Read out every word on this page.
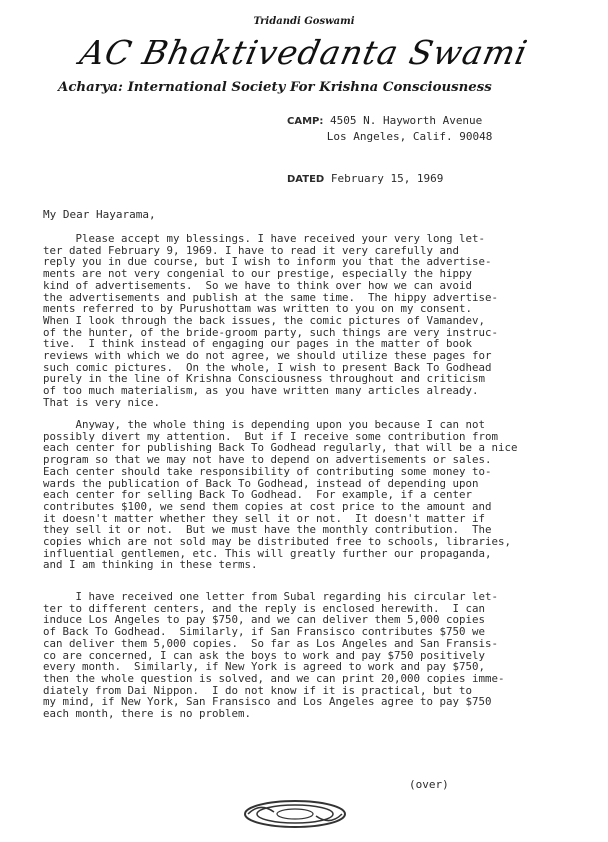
Tridandi Goswami
AC Bhaktivedanta Swami
Acharya: International Society For Krishna Consciousness
CAMP: 4505 N. Hayworth Avenue
Los Angeles, Calif. 90048
DATED February 15, 1969
My Dear Hayarama,
Please accept my blessings. I have received your very long let-
ter dated February 9, 1969. I have to read it very carefully and
reply you in due course, but I wish to inform you that the advertise-
ments are not very congenial to our prestige, especially the hippy
kind of advertisements.  So we have to think over how we can avoid
the advertisements and publish at the same time.  The hippy advertise-
ments referred to by Purushottam was written to you on my consent.
When I look through the back issues, the comic pictures of Vamandev,
of the hunter, of the bride-groom party, such things are very instruc-
tive.  I think instead of engaging our pages in the matter of book
reviews with which we do not agree, we should utilize these pages for
such comic pictures.  On the whole, I wish to present Back To Godhead
purely in the line of Krishna Consciousness throughout and criticism
of too much materialism, as you have written many articles already.
That is very nice.
Anyway, the whole thing is depending upon you because I can not
possibly divert my attention.  But if I receive some contribution from
each center for publishing Back To Godhead regularly, that will be a nice
program so that we may not have to depend on advertisements or sales.
Each center should take responsibility of contributing some money to-
wards the publication of Back To Godhead, instead of depending upon
each center for selling Back To Godhead.  For example, if a center
contributes $100, we send them copies at cost price to the amount and
it doesn't matter whether they sell it or not.  It doesn't matter if
they sell it or not.  But we must have the monthly contribution.  The
copies which are not sold may be distributed free to schools, libraries,
influential gentlemen, etc. This will greatly further our propaganda,
and I am thinking in these terms.
I have received one letter from Subal regarding his circular let-
ter to different centers, and the reply is enclosed herewith.  I can
induce Los Angeles to pay $750, and we can deliver them 5,000 copies
of Back To Godhead.  Similarly, if San Fransisco contributes $750 we
can deliver them 5,000 copies.  So far as Los Angeles and San Fransis-
co are concerned, I can ask the boys to work and pay $750 positively
every month.  Similarly, if New York is agreed to work and pay $750,
then the whole question is solved, and we can print 20,000 copies imme-
diately from Dai Nippon.  I do not know if it is practical, but to
my mind, if New York, San Fransisco and Los Angeles agree to pay $750
each month, there is no problem.
(over)
